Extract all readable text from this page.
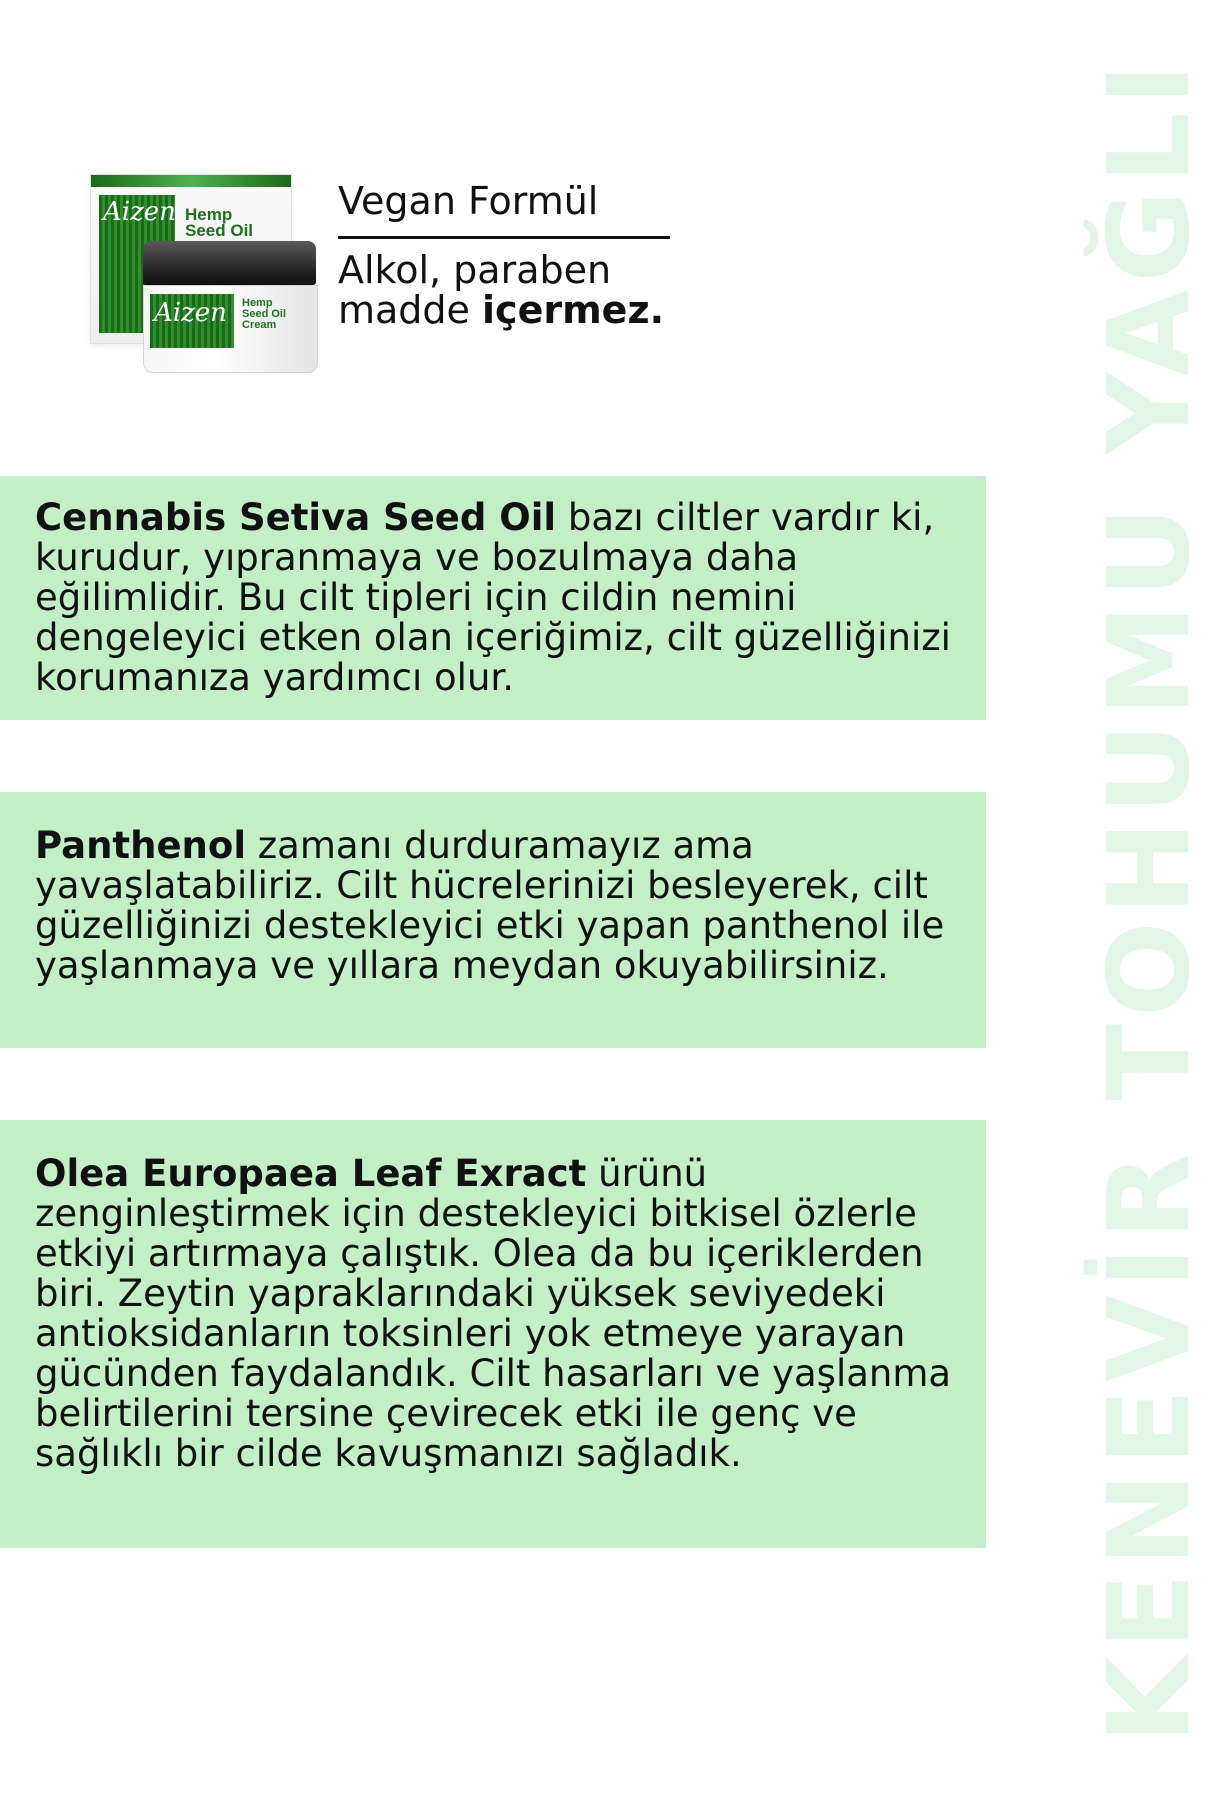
KENEVİR TOHUMU YAĞLI
Aizen Hemp
Seed Oil
Aizen Hemp
Seed Oil
Cream
Vegan Formül
Alkol, paraben madde içermez.

Cennabis Setiva Seed Oil bazı ciltler vardır ki, kurudur, yıpranmaya ve bozulmaya daha eğilimlidir. Bu cilt tipleri için cildin nemini dengeleyici etken olan içeriğimiz, cilt güzelliğinizi korumanıza yardımcı olur.

Panthenol zamanı durduramayız ama yavaşlatabiliriz. Cilt hücrelerinizi besleyerek, cilt güzelliğinizi destekleyici etki yapan panthenol ile yaşlanmaya ve yıllara meydan okuyabilirsiniz.

Olea Europaea Leaf Exract ürünü zenginleştirmek için destekleyici bitkisel özlerle etkiyi artırmaya çalıştık. Olea da bu içeriklerden biri. Zeytin yapraklarındaki yüksek seviyedeki antioksidanların toksinleri yok etmeye yarayan gücünden faydalandık. Cilt hasarları ve yaşlanma belirtilerini tersine çevirecek etki ile genç ve sağlıklı bir cilde kavuşmanızı sağladık.
